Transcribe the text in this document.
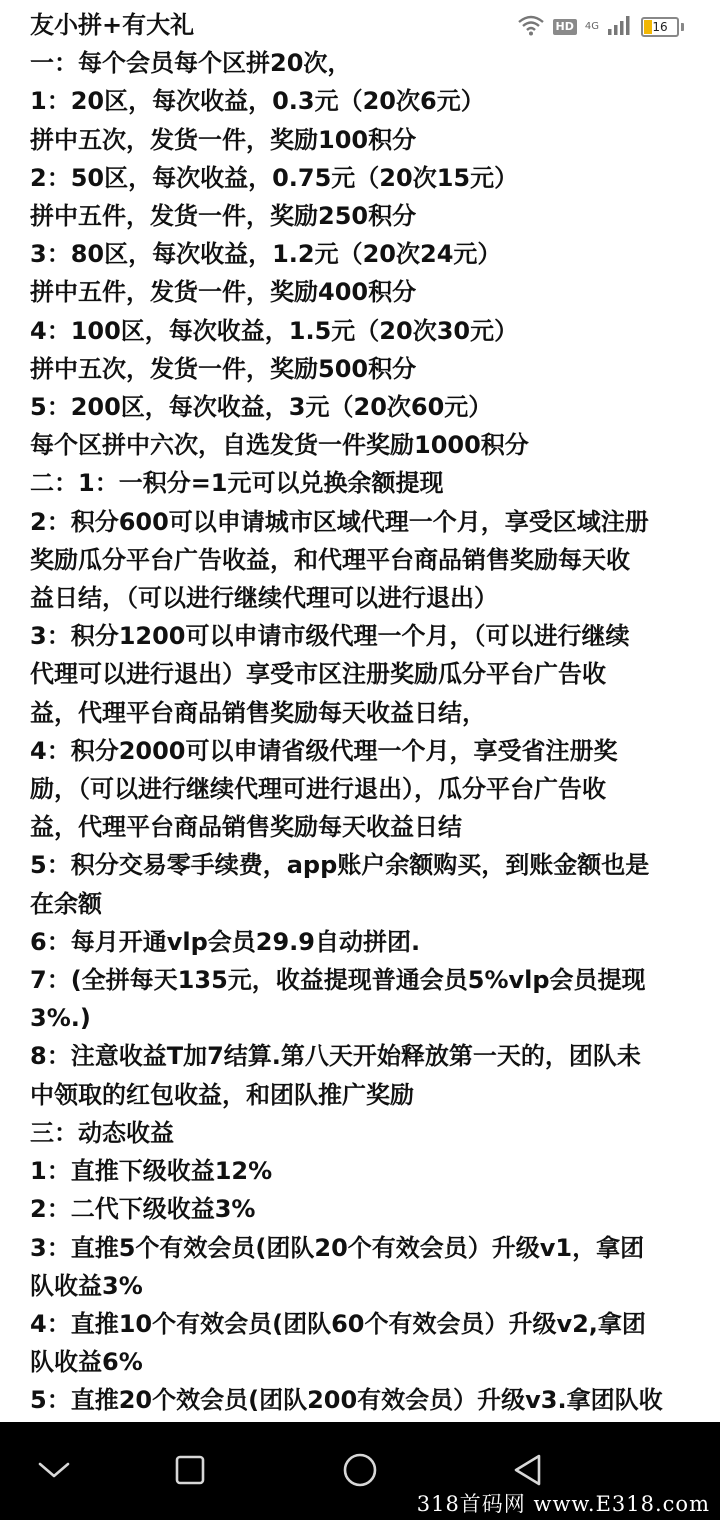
HD	4G	16

友小拼+有大礼

一：每个会员每个区拼20次，

1：20区，每次收益，0.3元（20次6元）

拼中五次，发货一件，奖励100积分

2：50区，每次收益，0.75元（20次15元）

拼中五件，发货一件，奖励250积分

3：80区，每次收益，1.2元（20次24元）

拼中五件，发货一件，奖励400积分

4：100区，每次收益，1.5元（20次30元）

拼中五次，发货一件，奖励500积分

5：200区，每次收益，3元（20次60元）

每个区拼中六次，自选发货一件奖励1000积分

二：1：一积分=1元可以兑换余额提现

2：积分600可以申请城市区域代理一个月，享受区域注册

奖励瓜分平台广告收益，和代理平台商品销售奖励每天收

益日结，（可以进行继续代理可以进行退出）

3：积分1200可以申请市级代理一个月，（可以进行继续

代理可以进行退出）享受市区注册奖励瓜分平台广告收

益，代理平台商品销售奖励每天收益日结，

4：积分2000可以申请省级代理一个月，享受省注册奖

励，（可以进行继续代理可进行退出），瓜分平台广告收

益，代理平台商品销售奖励每天收益日结

5：积分交易零手续费，app账户余额购买，到账金额也是

在余额

6：每月开通vlp会员29.9自动拼团.

7：(全拼每天135元，收益提现普通会员5%vlp会员提现

3%.)

8：注意收益T加7结算.第八天开始释放第一天的，团队未

中领取的红包收益，和团队推广奖励

三：动态收益

1：直推下级收益12%

2：二代下级收益3%

3：直推5个有效会员(团队20个有效会员）升级v1，拿团

队收益3%

4：直推10个有效会员(团队60个有效会员）升级v2,拿团

队收益6%

5：直推20个效会员(团队200有效会员）升级v3.拿团队收

318首码网 www.E318.com
